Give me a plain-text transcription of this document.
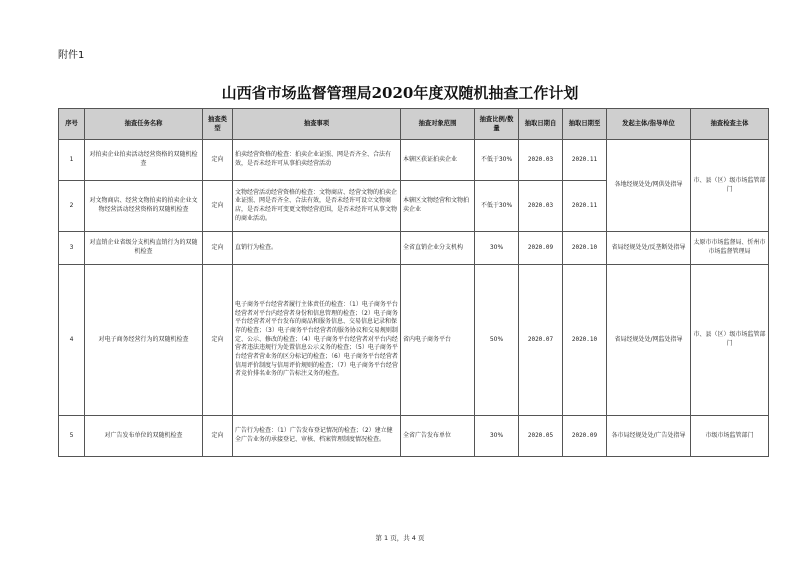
附件1
山西省市场监督管理局2020年度双随机抽查工作计划
序号	抽查任务名称	抽查类型	抽查事项	抽查对象范围	抽查比例/数量	抽取日期自	抽取日期至	发起主体/指导单位	抽查检查主体
1	对拍卖企业拍卖活动经营资格的双随机检查	定向	拍卖经营资格的检查：拍卖企业证照、网是否齐全、合法有效，是否未经许可从事拍卖经营活动	本辖区获证拍卖企业	不低于30%	2020.03	2020.11	各地经规处处/网供处指导	市、县（区）级市场监管部门
2	对文物商店、经营文物拍卖的拍卖企业文物经营活动经营资格的双随机检查	定向	文物经营活动经营资格的检查：文物商店、经营文物的拍卖企业证照、网是否齐全、合法有效，是否未经许可设立文物商店，是否未经许可变更文物经营范围，是否未经许可从事文物的商业活动。	本辖区文物经营和文物拍卖企业	不低于30%	2020.03	2020.11		
3	对直销企业省级分支机构直销行为的双随机检查	定向	直销行为检查。	全省直销企业分支机构	30%	2020.09	2020.10	省局经规处处/反垄断处指导	太原市市场监督局、忻州市市场监督管理局
4	对电子商务经营行为的双随机检查	定向	电子商务平台经营者履行主体责任的检查：（1）电子商务平台经营者对平台内经营者身份和信息管理的检查；（2）电子商务平台经营者对平台发布的商品和服务信息、交易信息记录和保存的检查；（3）电子商务平台经营者的服务协议和交易规则制定、公示、修改的检查；（4）电子商务平台经营者对平台内经营者违法违规行为处置信息公示义务的检查；（5）电子商务平台经营者营业务的区分标记的检查；（6）电子商务平台经营者信用评价制度与信用评价规则的检查；（7）电子商务平台经营者竞价排名业务的广告标注义务的检查。	省内电子商务平台	50%	2020.07	2020.10	省局经规处处/网监处指导	市、县（区）级市场监管部门
5	对广告发布单位的双随机检查	定向	广告行为检查：（1）广告发布登记情况的检查；（2）建立健全广告业务的承接登记、审核、档案管理制度情况检查。	全省广告发布单位	30%	2020.05	2020.09	各市局经规处处/广告处指导	市级市场监管部门
第 1 页，共 4 页
